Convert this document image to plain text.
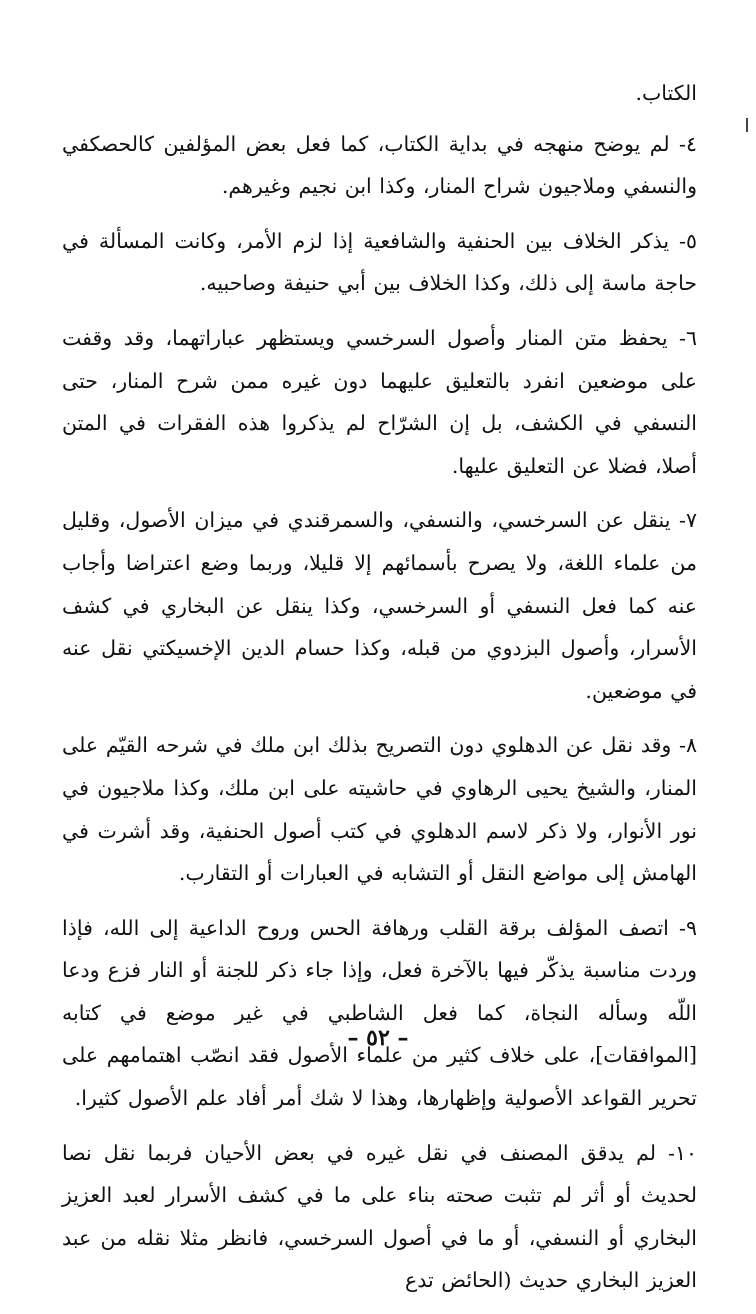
الكتاب.

٤- لم يوضح منهجه في بداية الكتاب، كما فعل بعض المؤلفين كالحصكفي والنسفي وملاجيون شراح المنار، وكذا ابن نجيم وغيرهم.

٥- يذكر الخلاف بين الحنفية والشافعية إذا لزم الأمر، وكانت المسألة في حاجة ماسة إلى ذلك، وكذا الخلاف بين أبي حنيفة وصاحبيه.

٦- يحفظ متن المنار وأصول السرخسي ويستظهر عباراتهما، وقد وقفت على موضعين انفرد بالتعليق عليهما دون غيره ممن شرح المنار، حتى النسفي في الكشف، بل إن الشرّاح لم يذكروا هذه الفقرات في المتن أصلا، فضلا عن التعليق عليها.

٧- ينقل عن السرخسي، والنسفي، والسمرقندي في ميزان الأصول، وقليل من علماء اللغة، ولا يصرح بأسمائهم إلا قليلا، وربما وضع اعتراضا وأجاب عنه كما فعل النسفي أو السرخسي، وكذا ينقل عن البخاري في كشف الأسرار، وأصول البزدوي من قبله، وكذا حسام الدين الإخسيكتي نقل عنه في موضعين.

٨- وقد نقل عن الدهلوي دون التصريح بذلك ابن ملك في شرحه القيّم على المنار، والشيخ يحيى الرهاوي في حاشيته على ابن ملك، وكذا ملاجيون في نور الأنوار، ولا ذكر لاسم الدهلوي في كتب أصول الحنفية، وقد أشرت في الهامش إلى مواضع النقل أو التشابه في العبارات أو التقارب.

٩- اتصف المؤلف برقة القلب ورهافة الحس وروح الداعية إلى الله، فإذا وردت مناسبة يذكّر فيها بالآخرة فعل، وإذا جاء ذكر للجنة أو النار فزع ودعا اللّه وسأله النجاة، كما فعل الشاطبي في غير موضع في كتابه [الموافقات]، على خلاف كثير من علماء الأصول فقد انصّب اهتمامهم على تحرير القواعد الأصولية وإظهارها، وهذا لا شك أمر أفاد علم الأصول كثيرا.

١٠- لم يدقق المصنف في نقل غيره في بعض الأحيان فربما نقل نصا لحديث أو أثر لم تثبت صحته بناء على ما في كشف الأسرار لعبد العزيز البخاري أو النسفي، أو ما في أصول السرخسي، فانظر مثلا نقله من عبد العزيز البخاري حديث (الحائض تدع

– ٥٢ –
